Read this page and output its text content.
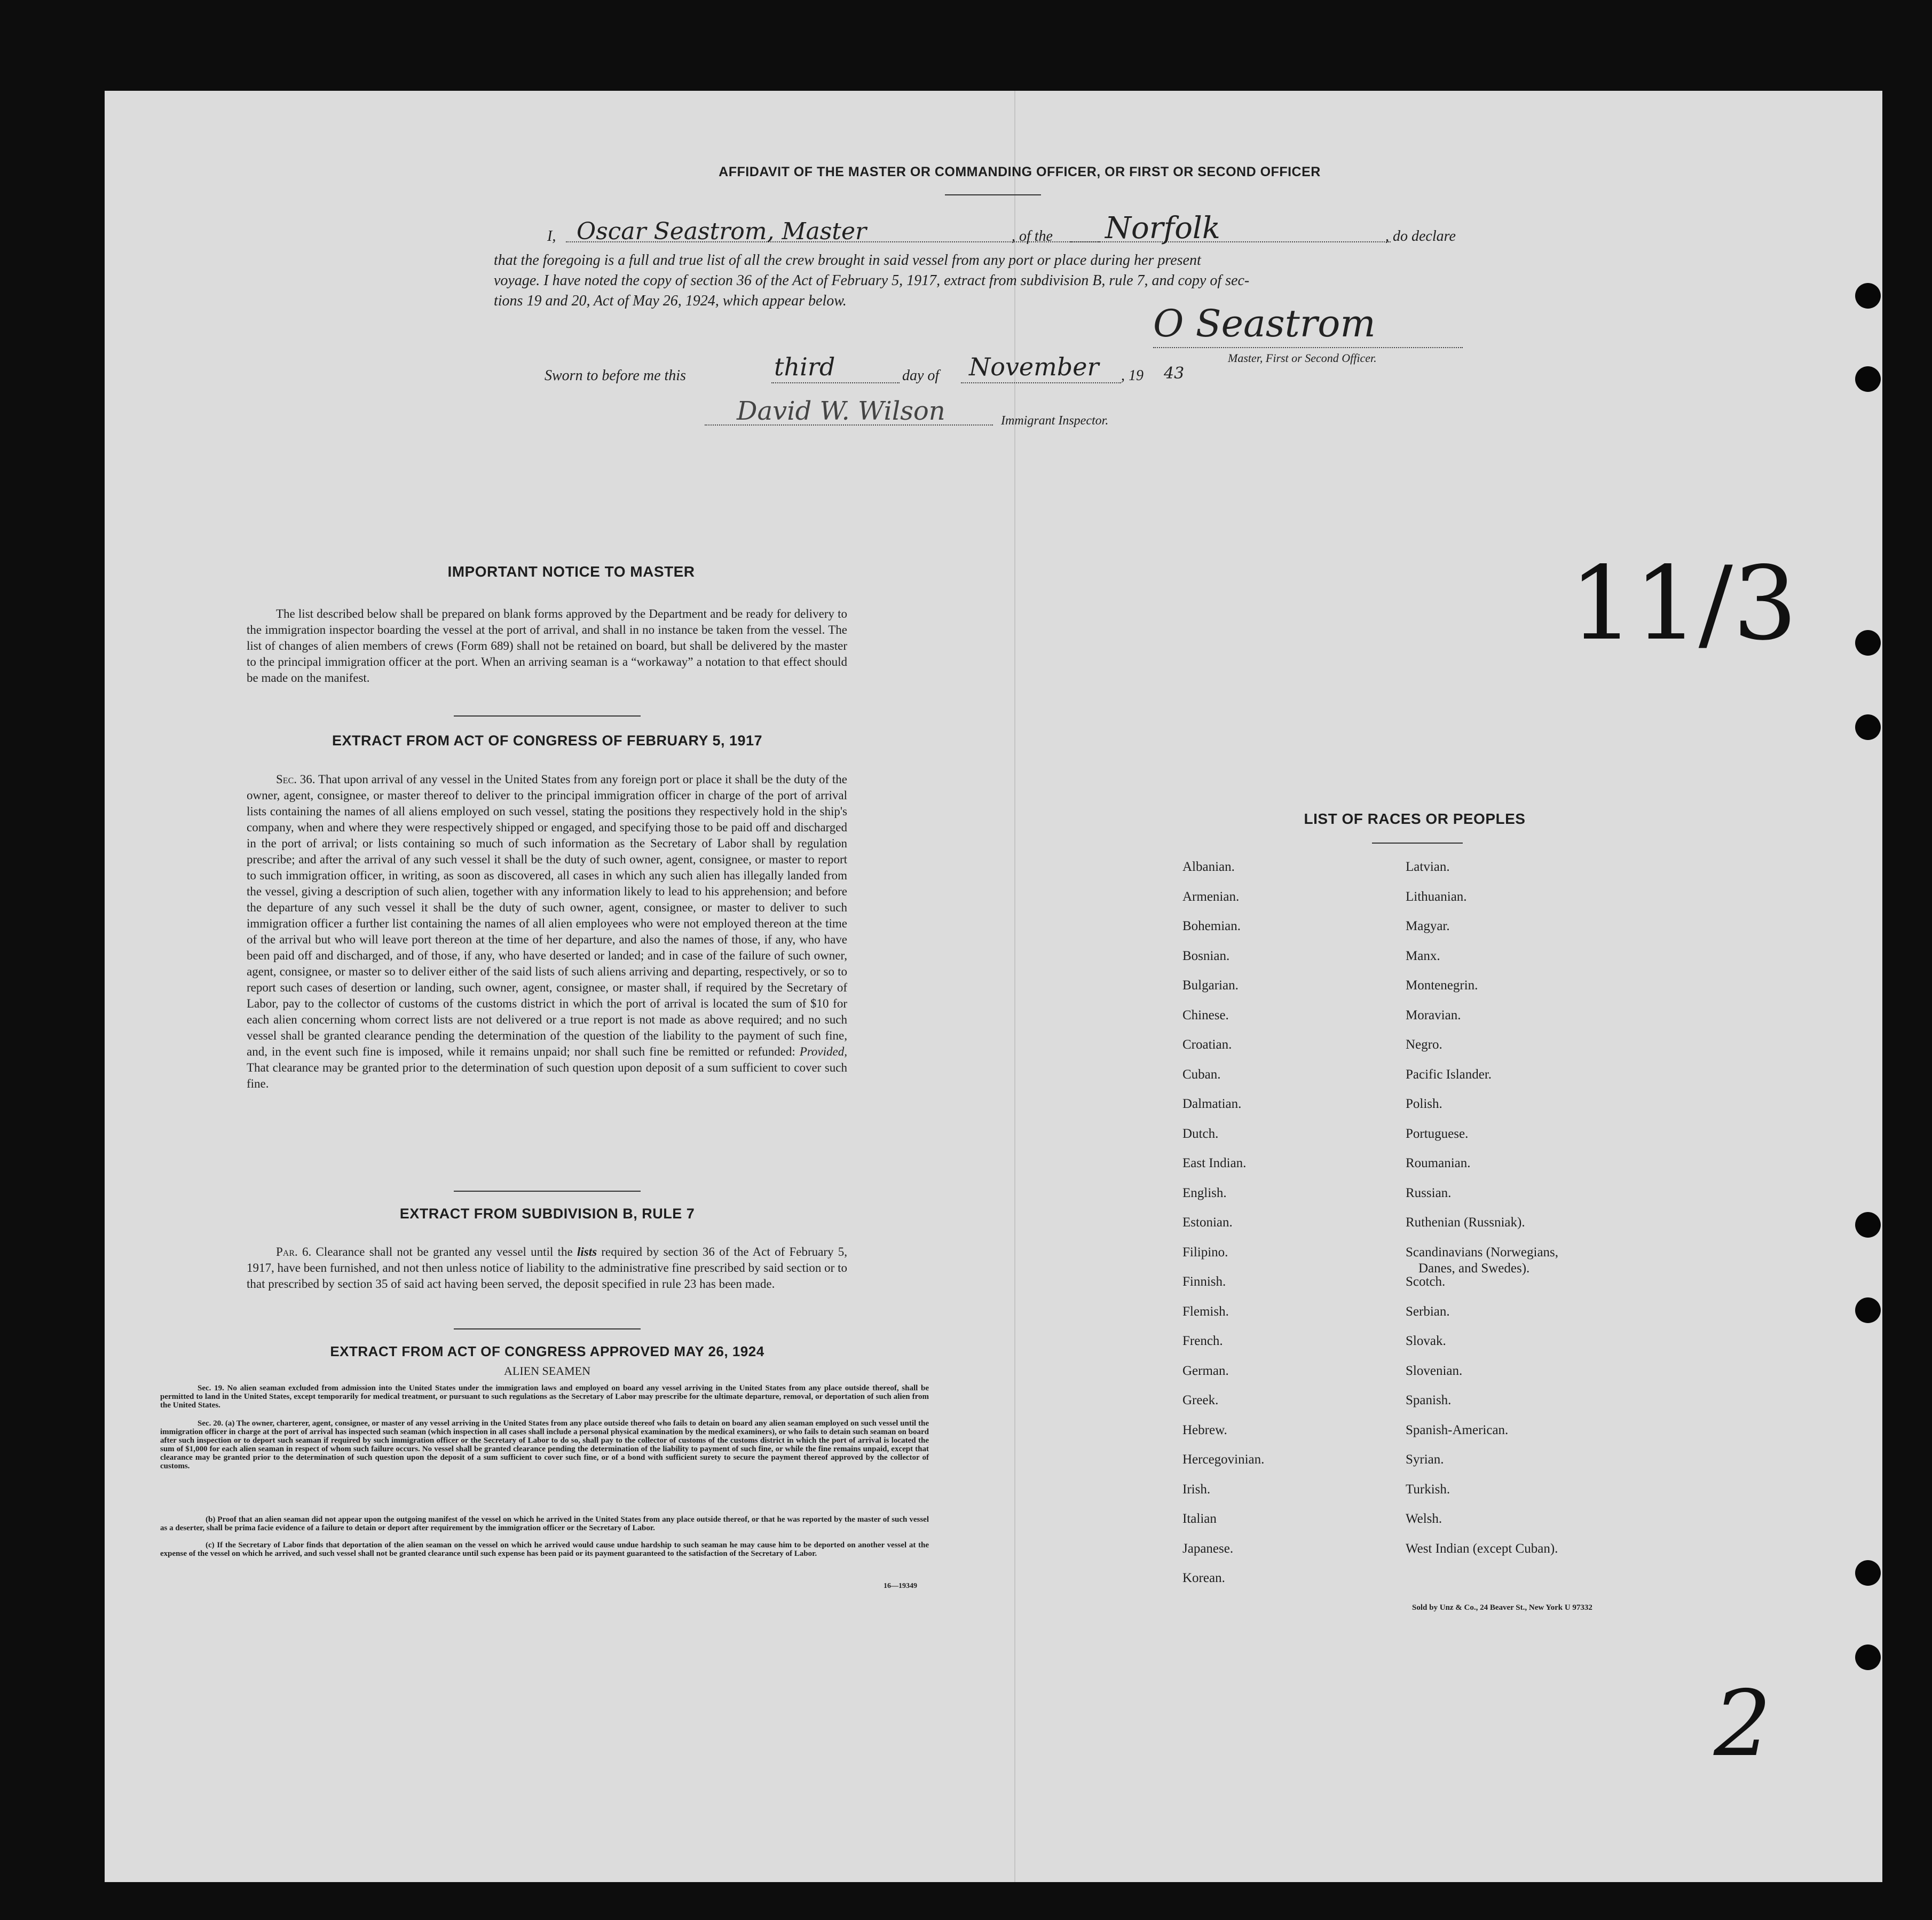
AFFIDAVIT OF THE MASTER OR COMMANDING OFFICER, OR FIRST OR SECOND OFFICER
I, Oscar Seastrom, Master	, of the Norfolk	, do declare
that the foregoing is a full and true list of all the crew brought in said vessel from any port or place during her present
voyage. I have noted the copy of section 36 of the Act of February 5, 1917, extract from subdivision B, rule 7, and copy of sec-
tions 19 and 20, Act of May 26, 1924, which appear below.
O Seastrom
Master, First or Second Officer.
Sworn to before me this	third	day of November , 19 43
David W. Wilson	Immigrant Inspector.
IMPORTANT NOTICE TO MASTER
The list described below shall be prepared on blank forms approved by the Department and be ready for delivery to the immigration inspector boarding the vessel at the port of arrival, and shall in no instance be taken from the vessel. The list of changes of alien members of crews (Form 689) shall not be retained on board, but shall be delivered by the master to the principal immigration officer at the port. When an arriving seaman is a “workaway” a notation to that effect should be made on the manifest.
EXTRACT FROM ACT OF CONGRESS OF FEBRUARY 5, 1917
Sec. 36. That upon arrival of any vessel in the United States from any foreign port or place it shall be the duty of the owner, agent, consignee, or master thereof to deliver to the principal immigration officer in charge of the port of arrival lists containing the names of all aliens employed on such vessel, stating the positions they respectively hold in the ship's company, when and where they were respectively shipped or engaged, and specifying those to be paid off and discharged in the port of arrival; or lists containing so much of such information as the Secretary of Labor shall by regulation prescribe; and after the arrival of any such vessel it shall be the duty of such owner, agent, consignee, or master to report to such immigration officer, in writing, as soon as discovered, all cases in which any such alien has illegally landed from the vessel, giving a description of such alien, together with any information likely to lead to his apprehension; and before the departure of any such vessel it shall be the duty of such owner, agent, consignee, or master to deliver to such immigration officer a further list containing the names of all alien employees who were not employed thereon at the time of the arrival but who will leave port thereon at the time of her departure, and also the names of those, if any, who have been paid off and discharged, and of those, if any, who have deserted or landed; and in case of the failure of such owner, agent, consignee, or master so to deliver either of the said lists of such aliens arriving and departing, respectively, or so to report such cases of desertion or landing, such owner, agent, consignee, or master shall, if required by the Secretary of Labor, pay to the collector of customs of the customs district in which the port of arrival is located the sum of $10 for each alien concerning whom correct lists are not delivered or a true report is not made as above required; and no such vessel shall be granted clearance pending the determination of the question of the liability to the payment of such fine, and, in the event such fine is imposed, while it remains unpaid; nor shall such fine be remitted or refunded: Provided, That clearance may be granted prior to the determination of such question upon deposit of a sum sufficient to cover such fine.
EXTRACT FROM SUBDIVISION B, RULE 7
Par. 6. Clearance shall not be granted any vessel until the lists required by section 36 of the Act of February 5, 1917, have been furnished, and not then unless notice of liability to the administrative fine prescribed by said section or to that prescribed by section 35 of said act having been served, the deposit specified in rule 23 has been made.
EXTRACT FROM ACT OF CONGRESS APPROVED MAY 26, 1924
ALIEN SEAMEN
Sec. 19. No alien seaman excluded from admission into the United States under the immigration laws and employed on board any vessel arriving in the United States from any place outside thereof, shall be permitted to land in the United States, except temporarily for medical treatment, or pursuant to such regulations as the Secretary of Labor may prescribe for the ultimate departure, removal, or deportation of such alien from the United States.
Sec. 20. (a) The owner, charterer, agent, consignee, or master of any vessel arriving in the United States from any place outside thereof who fails to detain on board any alien seaman employed on such vessel until the immigration officer in charge at the port of arrival has inspected such seaman (which inspection in all cases shall include a personal physical examination by the medical examiners), or who fails to detain such seaman on board after such inspection or to deport such seaman if required by such immigration officer or the Secretary of Labor to do so, shall pay to the collector of customs of the customs district in which the port of arrival is located the sum of $1,000 for each alien seaman in respect of whom such failure occurs. No vessel shall be granted clearance pending the determination of the liability to payment of such fine, or while the fine remains unpaid, except that clearance may be granted prior to the determination of such question upon the deposit of a sum sufficient to cover such fine, or of a bond with sufficient surety to secure the payment thereof approved by the collector of customs.
(b) Proof that an alien seaman did not appear upon the outgoing manifest of the vessel on which he arrived in the United States from any place outside thereof, or that he was reported by the master of such vessel as a deserter, shall be prima facie evidence of a failure to detain or deport after requirement by the immigration officer or the Secretary of Labor.
(c) If the Secretary of Labor finds that deportation of the alien seaman on the vessel on which he arrived would cause undue hardship to such seaman he may cause him to be deported on another vessel at the expense of the vessel on which he arrived, and such vessel shall not be granted clearance until such expense has been paid or its payment guaranteed to the satisfaction of the Secretary of Labor.
16—19349
LIST OF RACES OR PEOPLES
Albanian.
Armenian.
Bohemian.
Bosnian.
Bulgarian.
Chinese.
Croatian.
Cuban.
Dalmatian.
Dutch.
East Indian.
English.
Estonian.
Filipino.
Finnish.
Flemish.
French.
German.
Greek.
Hebrew.
Hercegovinian.
Irish.
Italian
Japanese.
Korean.
Latvian.
Lithuanian.
Magyar.
Manx.
Montenegrin.
Moravian.
Negro.
Pacific Islander.
Polish.
Portuguese.
Roumanian.
Russian.
Ruthenian (Russniak).
Scandinavians (Norwegians,
Danes, and Swedes).
Scotch.
Serbian.
Slovak.
Slovenian.
Spanish.
Spanish-American.
Syrian.
Turkish.
Welsh.
West Indian (except Cuban).
Sold by Unz & Co., 24 Beaver St., New York U 97332
11/3
2
